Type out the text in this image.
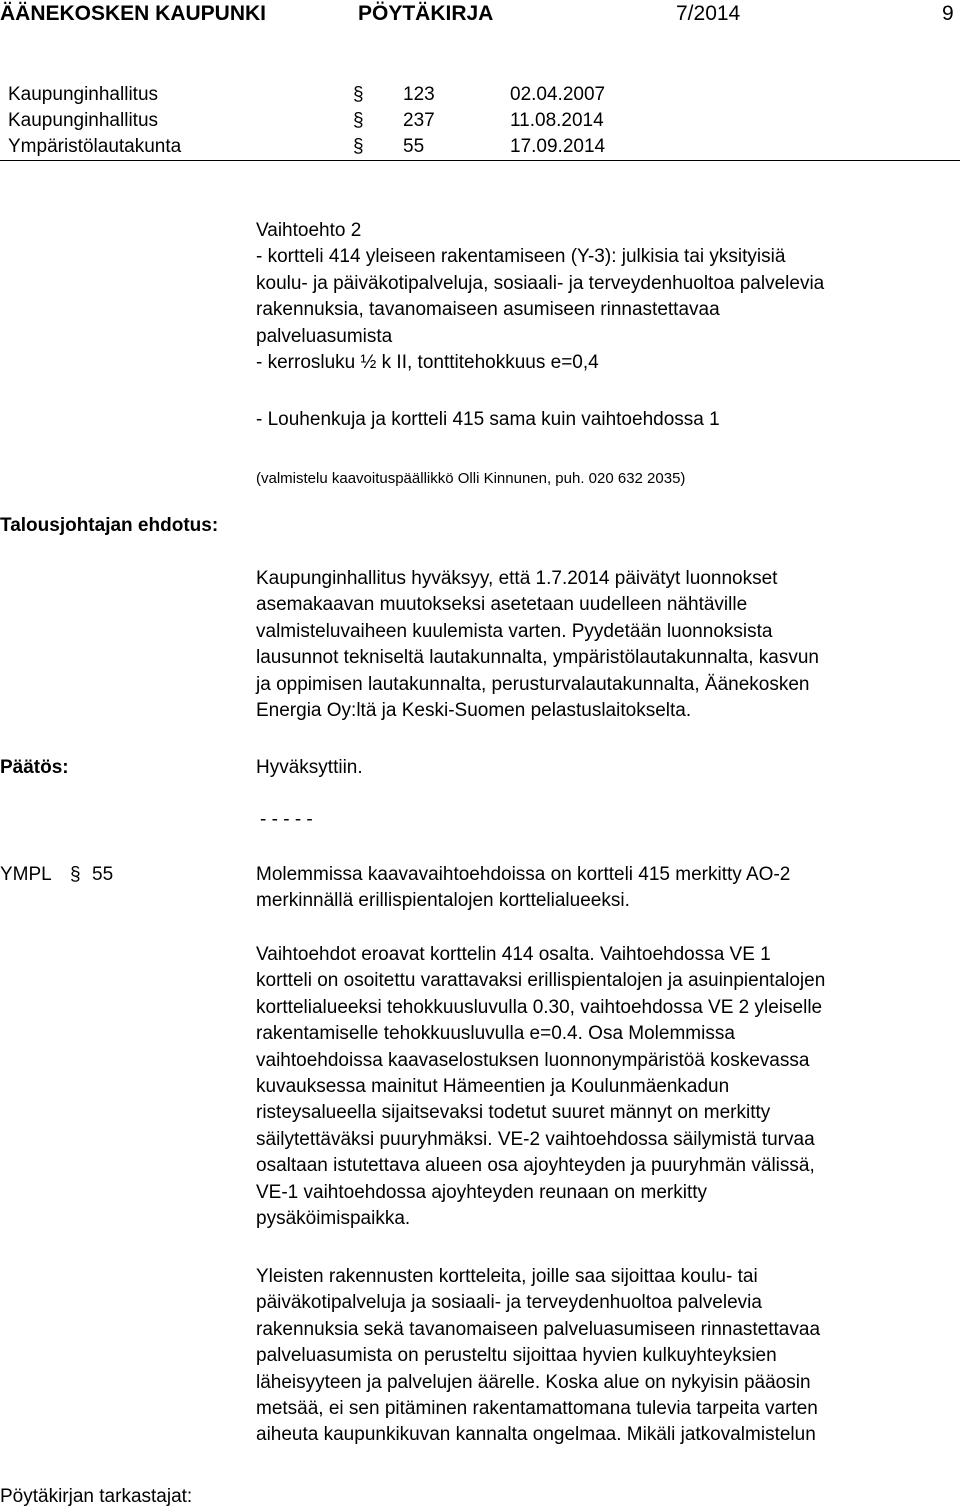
ÄÄNEKOSKEN KAUPUNKI	PÖYTÄKIRJA	7/2014	9
Kaupunginhallitus	§ 123	02.04.2007
Kaupunginhallitus	§ 237	11.08.2014
Ympäristölautakunta	§ 55	17.09.2014
Vaihtoehto 2
- kortteli 414 yleiseen rakentamiseen (Y-3): julkisia tai yksityisiä
koulu- ja päiväkotipalveluja, sosiaali- ja terveydenhuoltoa palvelevia
rakennuksia, tavanomaiseen asumiseen rinnastettavaa
palveluasumista
- kerrosluku ½ k II, tonttitehokkuus e=0,4
- Louhenkuja ja kortteli 415 sama kuin vaihtoehdossa 1
(valmistelu kaavoituspäällikkö Olli Kinnunen, puh. 020 632 2035)
Talousjohtajan ehdotus:
Kaupunginhallitus hyväksyy, että 1.7.2014 päivätyt luonnokset
asemakaavan muutokseksi asetetaan uudelleen nähtäville
valmisteluvaiheen kuulemista varten. Pyydetään luonnoksista
lausunnot tekniseltä lautakunnalta, ympäristölautakunnalta, kasvun
ja oppimisen lautakunnalta, perusturvalautakunnalta, Äänekosken
Energia Oy:ltä ja Keski-Suomen pelastuslaitokselta.
Päätös:	Hyväksyttiin.
- - - - -
YMPL § 55	Molemmissa kaavavaihtoehdoissa on kortteli 415 merkitty AO-2
merkinnällä erillispientalojen korttelialueeksi.
Vaihtoehdot eroavat korttelin 414 osalta. Vaihtoehdossa VE 1
kortteli on osoitettu varattavaksi erillispientalojen ja asuinpientalojen
korttelialueeksi tehokkuusluvulla 0.30, vaihtoehdossa VE 2 yleiselle
rakentamiselle tehokkuusluvulla e=0.4. Osa Molemmissa
vaihtoehdoissa kaavaselostuksen luonnonympäristöä koskevassa
kuvauksessa mainitut Hämeentien ja Koulunmäenkadun
risteysalueella sijaitsevaksi todetut suuret männyt on merkitty
säilytettäväksi puuryhmäksi. VE-2 vaihtoehdossa säilymistä turvaa
osaltaan istutettava alueen osa ajoyhteyden ja puuryhmän välissä,
VE-1 vaihtoehdossa ajoyhteyden reunaan on merkitty
pysäköimispaikka.
Yleisten rakennusten kortteleita, joille saa sijoittaa koulu- tai
päiväkotipalveluja ja sosiaali- ja terveydenhuoltoa palvelevia
rakennuksia sekä tavanomaiseen palveluasumiseen rinnastettavaa
palveluasumista on perusteltu sijoittaa hyvien kulkuyhteyksien
läheisyyteen ja palvelujen äärelle. Koska alue on nykyisin pääosin
metsää, ei sen pitäminen rakentamattomana tulevia tarpeita varten
aiheuta kaupunkikuvan kannalta ongelmaa. Mikäli jatkovalmistelun
Pöytäkirjan tarkastajat:
